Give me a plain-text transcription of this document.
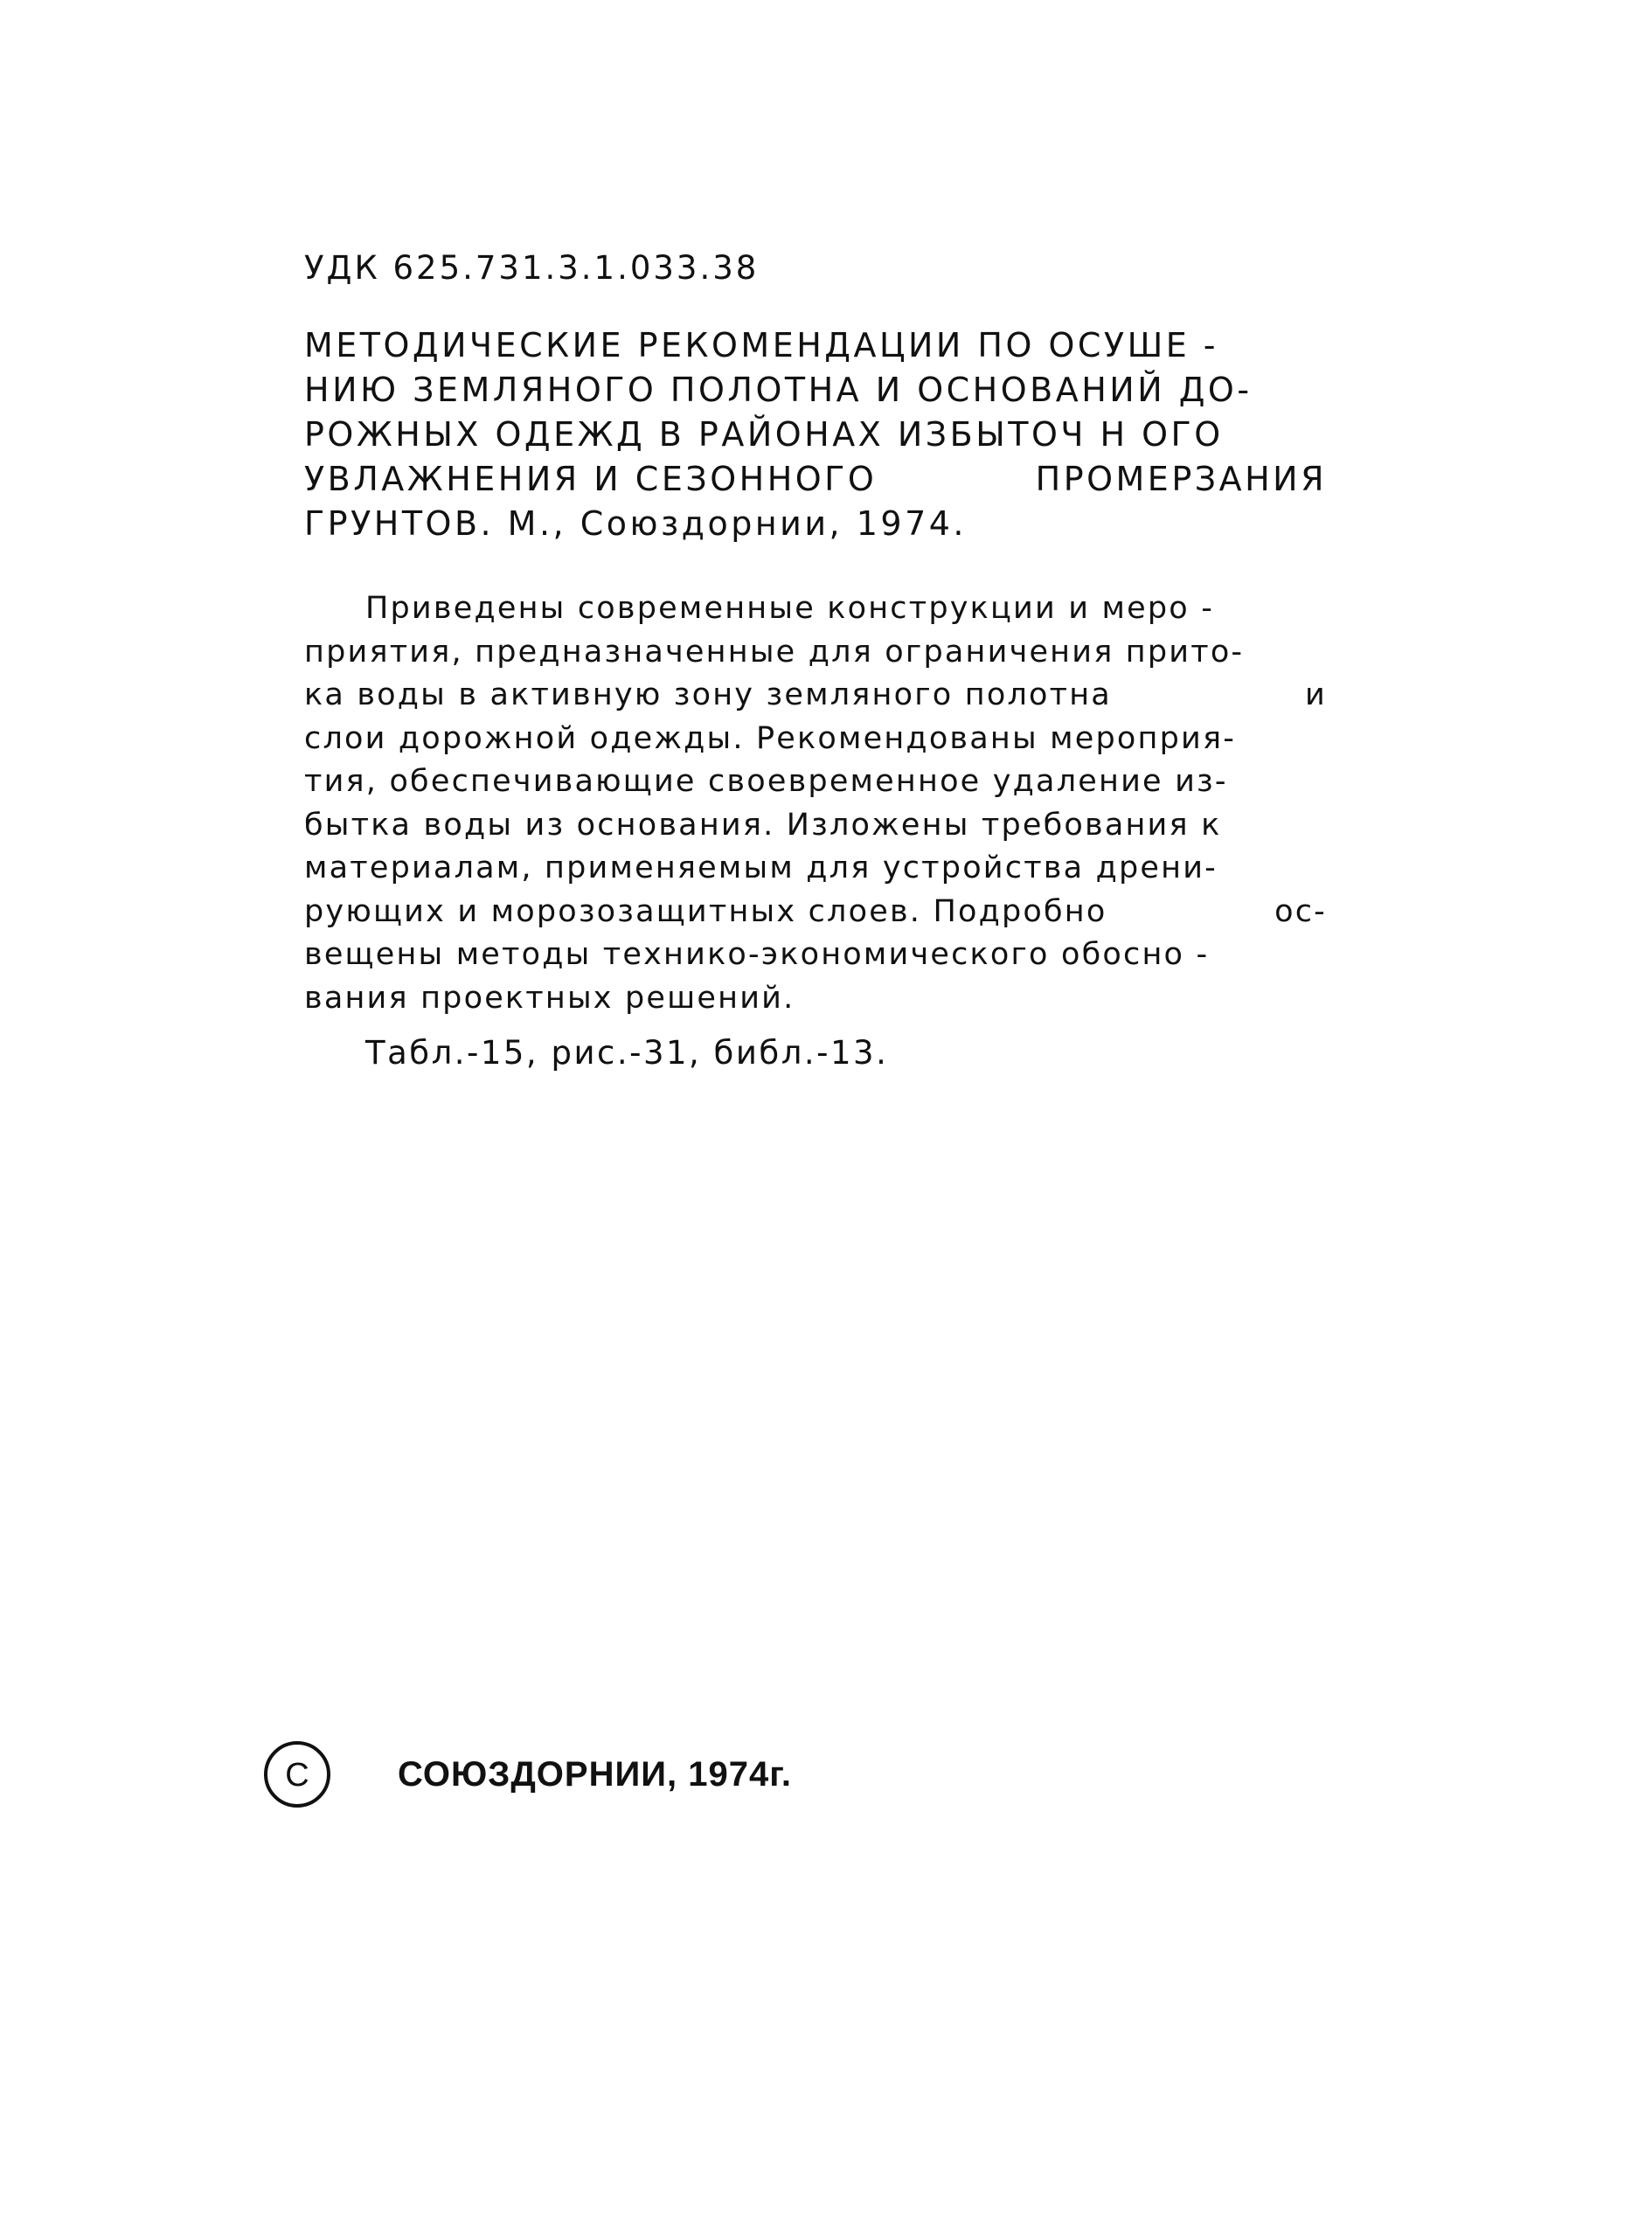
УДК 625.731.3.1.033.38
МЕТОДИЧЕСКИЕ РЕКОМЕНДАЦИИ ПО ОСУШЕ -
НИЮ ЗЕМЛЯНОГО ПОЛОТНА И ОСНОВАНИЙ ДО-
РОЖНЫХ ОДЕЖД В РАЙОНАХ ИЗБЫТОЧ Н ОГО
УВЛАЖНЕНИЯ И СЕЗОННОГО	ПРОМЕРЗАНИЯ
ГРУНТОВ. М., Союздорнии, 1974.
Приведены современные конструкции и меро -
приятия, предназначенные для ограничения прито-
ка воды в активную зону земляного полотна	и
слои дорожной одежды. Рекомендованы мероприя-
тия, обеспечивающие своевременное удаление из-
бытка воды из основания. Изложены требования к
материалам, применяемым для устройства дрени-
рующих и морозозащитных слоев. Подробно	ос-
вещены методы технико-экономического обосно -
вания проектных решений.
Табл.-15, рис.-31, библ.-13.
C	СОЮЗДОРНИИ, 1974г.
